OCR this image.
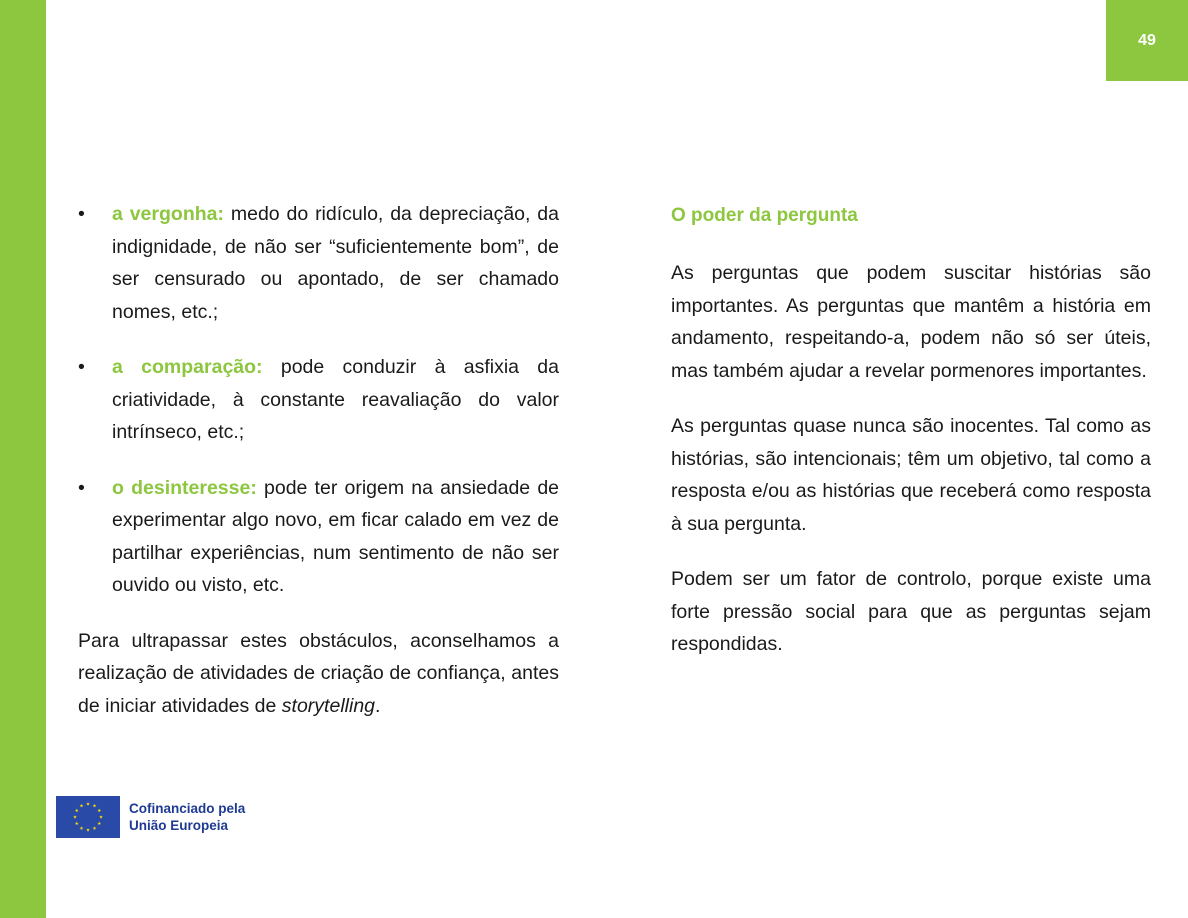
49
•	a vergonha: medo do ridículo, da depreciação, da indignidade, de não ser “suficientemente bom”, de ser censurado ou apontado, de ser chamado nomes, etc.;
•	a comparação: pode conduzir à asfixia da criatividade, à constante reavaliação do valor intrínseco, etc.;
•	o desinteresse: pode ter origem na ansiedade de experimentar algo novo, em ficar calado em vez de partilhar experiências, num sentimento de não ser ouvido ou visto, etc.

Para ultrapassar estes obstáculos, aconselhamos a realização de atividades de criação de confiança, antes de iniciar atividades de storytelling.

O poder da pergunta

As perguntas que podem suscitar histórias são importantes. As perguntas que mantêm a história em andamento, respeitando-a, podem não só ser úteis, mas também ajudar a revelar pormenores importantes.

As perguntas quase nunca são inocentes. Tal como as histórias, são intencionais; têm um objetivo, tal como a resposta e/ou as histórias que receberá como resposta à sua pergunta.

Podem ser um fator de controlo, porque existe uma forte pressão social para que as perguntas sejam respondidas.

Cofinanciado pela
União Europeia
